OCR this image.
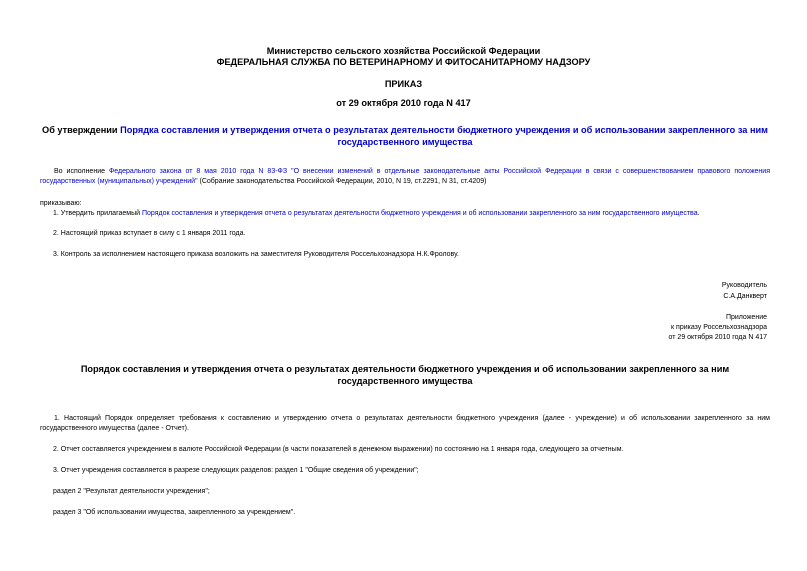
Министерство сельского хозяйства Российской Федерации
ФЕДЕРАЛЬНАЯ СЛУЖБА ПО ВЕТЕРИНАРНОМУ И ФИТОСАНИТАРНОМУ НАДЗОРУ
ПРИКАЗ
от 29 октября 2010 года N 417
Об утверждении Порядка составления и утверждения отчета о результатах деятельности бюджетного учреждения и об использовании закрепленного за ним государственного имущества
Во исполнение Федерального закона от 8 мая 2010 года N 83-ФЗ "О внесении изменений в отдельные законодательные акты Российской Федерации в связи с совершенствованием правового положения государственных (муниципальных) учреждений" (Собрание законодательства Российской Федерации, 2010, N 19, ст.2291, N 31, ст.4209)
приказываю:
1. Утвердить прилагаемый Порядок составления и утверждения отчета о результатах деятельности бюджетного учреждения и об использовании закрепленного за ним государственного имущества.
2. Настоящий приказ вступает в силу с 1 января 2011 года.
3. Контроль за исполнением настоящего приказа возложить на заместителя Руководителя Россельхознадзора Н.К.Фролову.
Руководитель
С.А.Данкверт
Приложение
к приказу Россельхознадзора
от 29 октября 2010 года N 417
Порядок составления и утверждения отчета о результатах деятельности бюджетного учреждения и об использовании закрепленного за ним государственного имущества
1. Настоящий Порядок определяет требования к составлению и утверждению отчета о результатах деятельности бюджетного учреждения (далее - учреждение) и об использовании закрепленного за ним государственного имущества (далее - Отчет).
2. Отчет составляется учреждением в валюте Российской Федерации (в части показателей в денежном выражении) по состоянию на 1 января года, следующего за отчетным.
3. Отчет учреждения составляется в разрезе следующих разделов: раздел 1 "Общие сведения об учреждении";
раздел 2 "Результат деятельности учреждения";
раздел 3 "Об использовании имущества, закрепленного за учреждением".
